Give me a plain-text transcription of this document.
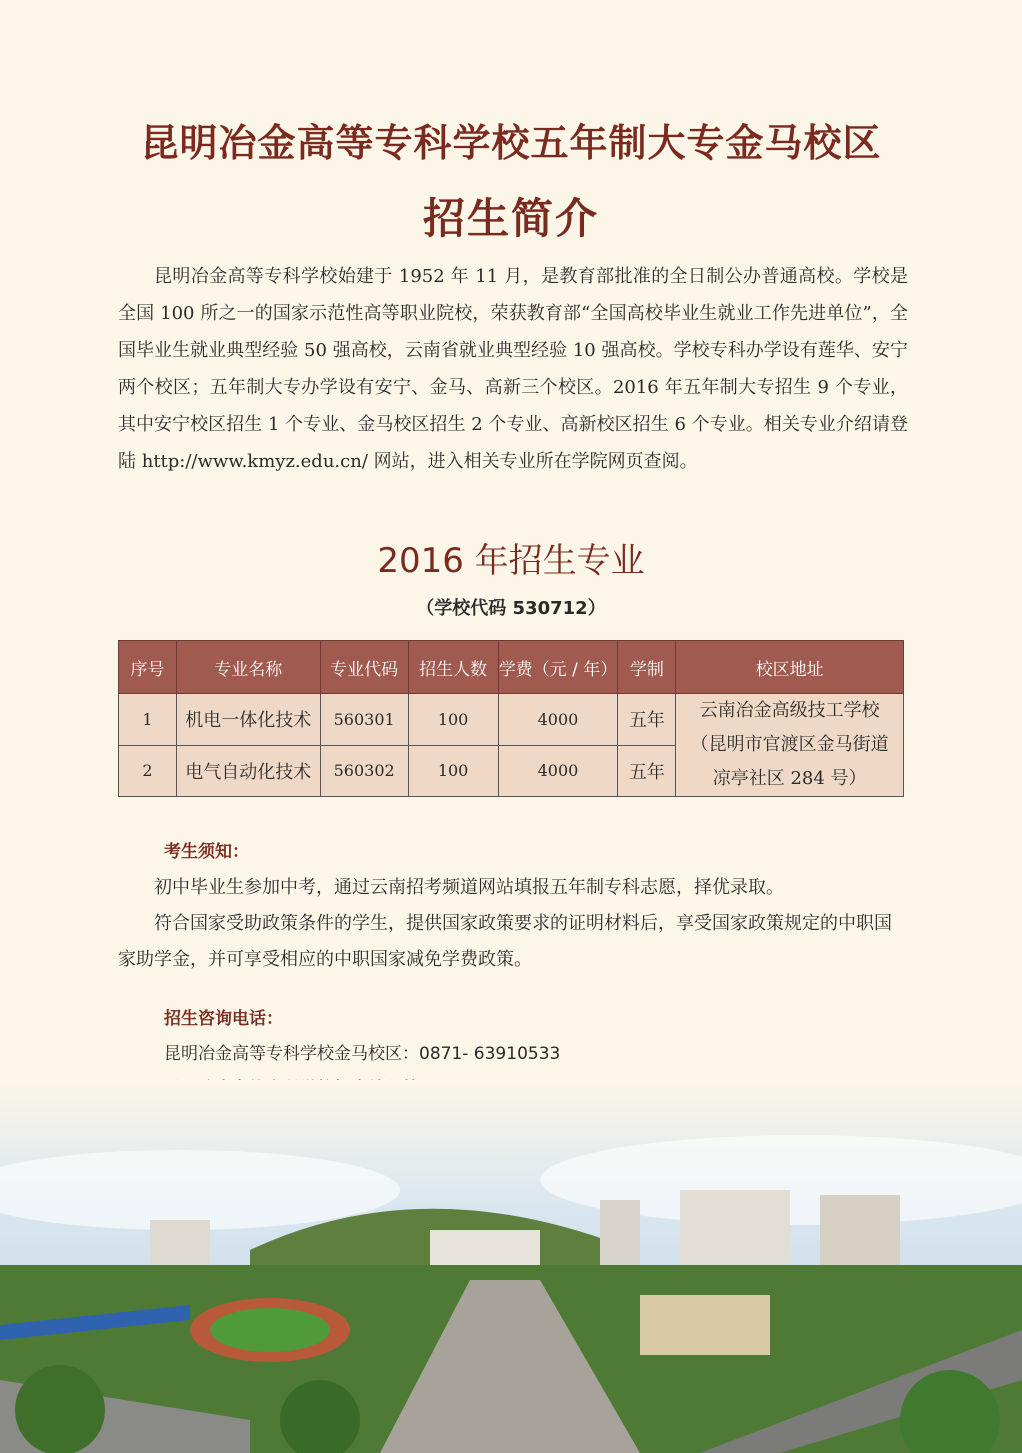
昆明冶金高等专科学校五年制大专金马校区
招生简介

昆明冶金高等专科学校始建于 1952 年 11 月，是教育部批准的全日制公办普通高校。学校是全国 100 所之一的国家示范性高等职业院校，荣获教育部“全国高校毕业生就业工作先进单位”，全国毕业生就业典型经验 50 强高校，云南省就业典型经验 10 强高校。学校专科办学设有莲华、安宁两个校区；五年制大专办学设有安宁、金马、高新三个校区。2016 年五年制大专招生 9 个专业，其中安宁校区招生 1 个专业、金马校区招生 2 个专业、高新校区招生 6 个专业。相关专业介绍请登陆 http://www.kmyz.edu.cn/ 网站，进入相关专业所在学院网页查阅。

2016 年招生专业
（学校代码 530712）
序号	专业名称	专业代码	招生人数	学费（元 / 年）	学制	校区地址
1	机电一体化技术	560301	100	4000	五年	云南冶金高级技工学校
（昆明市官渡区金马街道
凉亭社区 284 号）

2	电气自动化技术	560302	100	4000	五年	
考生须知：

初中毕业生参加中考，通过云南招考频道网站填报五年制专科志愿，择优录取。

符合国家受助政策条件的学生，提供国家政策要求的证明材料后，享受国家政策规定的中职国家助学金，并可享受相应的中职国家减免学费政策。

招生咨询电话：
昆明冶金高等专科学校金马校区：0871- 63910533
